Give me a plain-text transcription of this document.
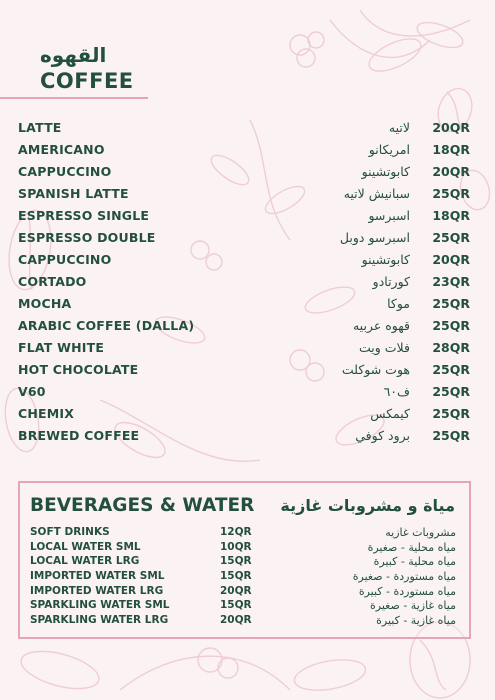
القهوه
COFFEE
LATTE	لاتيه 20QR
AMERICANO	امريكانو 18QR
CAPPUCCINO	كابوتشينو 20QR
SPANISH LATTE	سبانيش لاتيه 25QR
ESPRESSO SINGLE	اسبرسو 18QR
ESPRESSO DOUBLE	اسبرسو دوبل 25QR
CAPPUCCINO	كابوتشينو 20QR
CORTADO	كورتادو 23QR
MOCHA	موكا 25QR
ARABIC COFFEE (DALLA)	قهوه عربيه 25QR
FLAT WHITE	فلات ويت 28QR
HOT CHOCOLATE	هوت شوكلت 25QR
V60	ف٦٠ 25QR
CHEMIX	كيمكس 25QR
BREWED COFFEE	برود كوفي 25QR
BEVERAGES & WATER مياة و مشروبات غازية
SOFT DRINKS	12QR	مشروبات غازيه
LOCAL WATER SML	10QR	مياه محلية - صغيرة
LOCAL WATER LRG	15QR	مياه محلية - كبيرة
IMPORTED WATER SML	15QR	مياه مستوردة - صغيرة
IMPORTED WATER LRG	20QR	مياه مستوردة - كبيرة
SPARKLING WATER SML	15QR	مياه غازية - صغيرة
SPARKLING WATER LRG	20QR	مياه غازية - كبيرة
